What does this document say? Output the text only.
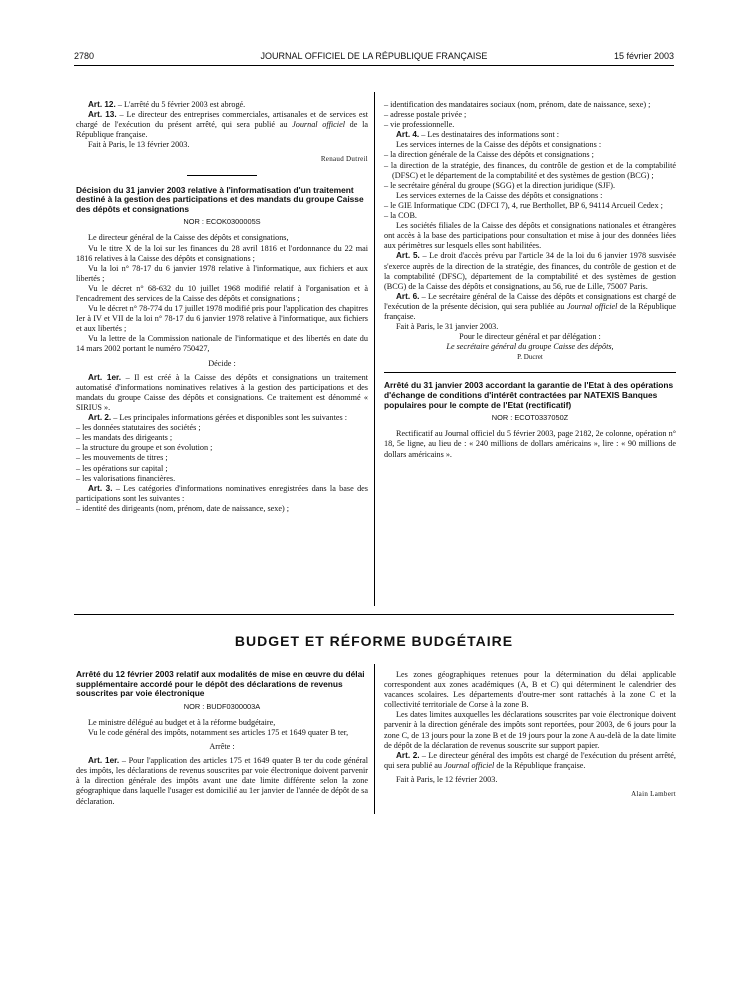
2780	JOURNAL OFFICIEL DE LA RÉPUBLIQUE FRANÇAISE	15 février 2003

Art. 12. – L'arrêté du 5 février 2003 est abrogé.

Art. 13. – Le directeur des entreprises commerciales, artisanales et de services est chargé de l'exécution du présent arrêté, qui sera publié au Journal officiel de la République française.

Fait à Paris, le 13 février 2003.

Renaud Dutreil

Décision du 31 janvier 2003 relative à l'informatisation d'un traitement destiné à la gestion des participations et des mandats du groupe Caisse des dépôts et consignations

NOR : ECOK0300005S

Le directeur général de la Caisse des dépôts et consignations,

Vu le titre X de la loi sur les finances du 28 avril 1816 et l'ordonnance du 22 mai 1816 relatives à la Caisse des dépôts et consignations ;

Vu la loi n° 78-17 du 6 janvier 1978 relative à l'informatique, aux fichiers et aux libertés ;

Vu le décret n° 68-632 du 10 juillet 1968 modifié relatif à l'organisation et à l'encadrement des services de la Caisse des dépôts et consignations ;

Vu le décret n° 78-774 du 17 juillet 1978 modifié pris pour l'application des chapitres Ier à IV et VII de la loi n° 78-17 du 6 janvier 1978 relative à l'informatique, aux fichiers et aux libertés ;

Vu la lettre de la Commission nationale de l'informatique et des libertés en date du 14 mars 2002 portant le numéro 750427,

Décide :

Art. 1er. – Il est créé à la Caisse des dépôts et consignations un traitement automatisé d'informations nominatives relatives à la gestion des participations et des mandats du groupe Caisse des dépôts et consignations. Ce traitement est dénommé « SIRIUS ».

Art. 2. – Les principales informations gérées et disponibles sont les suivantes :

– les données statutaires des sociétés ;

– les mandats des dirigeants ;

– la structure du groupe et son évolution ;

– les mouvements de titres ;

– les opérations sur capital ;

– les valorisations financières.

Art. 3. – Les catégories d'informations nominatives enregistrées dans la base des participations sont les suivantes :

– identité des dirigeants (nom, prénom, date de naissance, sexe) ;

– identification des mandataires sociaux (nom, prénom, date de naissance, sexe) ;

– adresse postale privée ;

– vie professionnelle.

Art. 4. – Les destinataires des informations sont :

Les services internes de la Caisse des dépôts et consignations :

– la direction générale de la Caisse des dépôts et consignations ;

– la direction de la stratégie, des finances, du contrôle de gestion et de la comptabilité (DFSC) et le département de la comptabilité et des systèmes de gestion (BCG) ;

– le secrétaire général du groupe (SGG) et la direction juridique (SJF).

Les services externes de la Caisse des dépôts et consignations :

– le GIE Informatique CDC (DFCI 7), 4, rue Berthollet, BP 6, 94114 Arcueil Cedex ;

– la COB.

Les sociétés filiales de la Caisse des dépôts et consignations nationales et étrangères ont accès à la base des participations pour consultation et mise à jour des données liées aux périmètres sur lesquels elles sont habilitées.

Art. 5. – Le droit d'accès prévu par l'article 34 de la loi du 6 janvier 1978 susvisée s'exerce auprès de la direction de la stratégie, des finances, du contrôle de gestion et de la comptabilité (DFSC), département de la comptabilité et des systèmes de gestion (BCG) de la Caisse des dépôts et consignations, au 56, rue de Lille, 75007 Paris.

Art. 6. – Le secrétaire général de la Caisse des dépôts et consignations est chargé de l'exécution de la présente décision, qui sera publiée au Journal officiel de la République française.

Fait à Paris, le 31 janvier 2003.

Pour le directeur général et par délégation :

Le secrétaire général du groupe Caisse des dépôts,

P. Ducret

Arrêté du 31 janvier 2003 accordant la garantie de l'Etat à des opérations d'échange de conditions d'intérêt contractées par NATEXIS Banques populaires pour le compte de l'Etat (rectificatif)

NOR : ECOT0337050Z

Rectificatif au Journal officiel du 5 février 2003, page 2182, 2e colonne, opération n° 18, 5e ligne, au lieu de : « 240 millions de dollars américains », lire : « 90 millions de dollars américains ».

BUDGET ET RÉFORME BUDGÉTAIRE

Arrêté du 12 février 2003 relatif aux modalités de mise en œuvre du délai supplémentaire accordé pour le dépôt des déclarations de revenus souscrites par voie électronique

NOR : BUDF0300003A

Le ministre délégué au budget et à la réforme budgétaire,

Vu le code général des impôts, notamment ses articles 175 et 1649 quater B ter,

Arrête :

Art. 1er. – Pour l'application des articles 175 et 1649 quater B ter du code général des impôts, les déclarations de revenus souscrites par voie électronique doivent parvenir à la direction générale des impôts avant une date limite différente selon la zone géographique dans laquelle l'usager est domicilié au 1er janvier de l'année de dépôt de sa déclaration.

Les zones géographiques retenues pour la détermination du délai applicable correspondent aux zones académiques (A, B et C) qui déterminent le calendrier des vacances scolaires. Les départements d'outre-mer sont rattachés à la zone C et la collectivité territoriale de Corse à la zone B.

Les dates limites auxquelles les déclarations souscrites par voie électronique doivent parvenir à la direction générale des impôts sont reportées, pour 2003, de 6 jours pour la zone C, de 13 jours pour la zone B et de 19 jours pour la zone A au-delà de la date limite de dépôt de la déclaration de revenus souscrite sur support papier.

Art. 2. – Le directeur général des impôts est chargé de l'exécution du présent arrêté, qui sera publié au Journal officiel de la République française.

Fait à Paris, le 12 février 2003.

Alain Lambert
